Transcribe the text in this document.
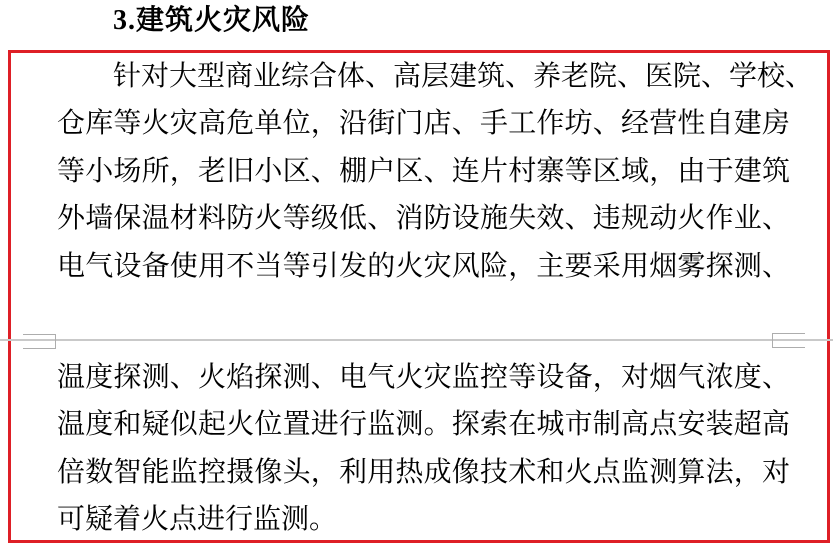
3.建筑火灾风险
针对大型商业综合体、高层建筑、养老院、医院、学校、
仓库等火灾高危单位，沿街门店、手工作坊、经营性自建房
等小场所，老旧小区、棚户区、连片村寨等区域，由于建筑
外墙保温材料防火等级低、消防设施失效、违规动火作业、
电气设备使用不当等引发的火灾风险，主要采用烟雾探测、
温度探测、火焰探测、电气火灾监控等设备，对烟气浓度、
温度和疑似起火位置进行监测。探索在城市制高点安装超高
倍数智能监控摄像头，利用热成像技术和火点监测算法，对
可疑着火点进行监测。
